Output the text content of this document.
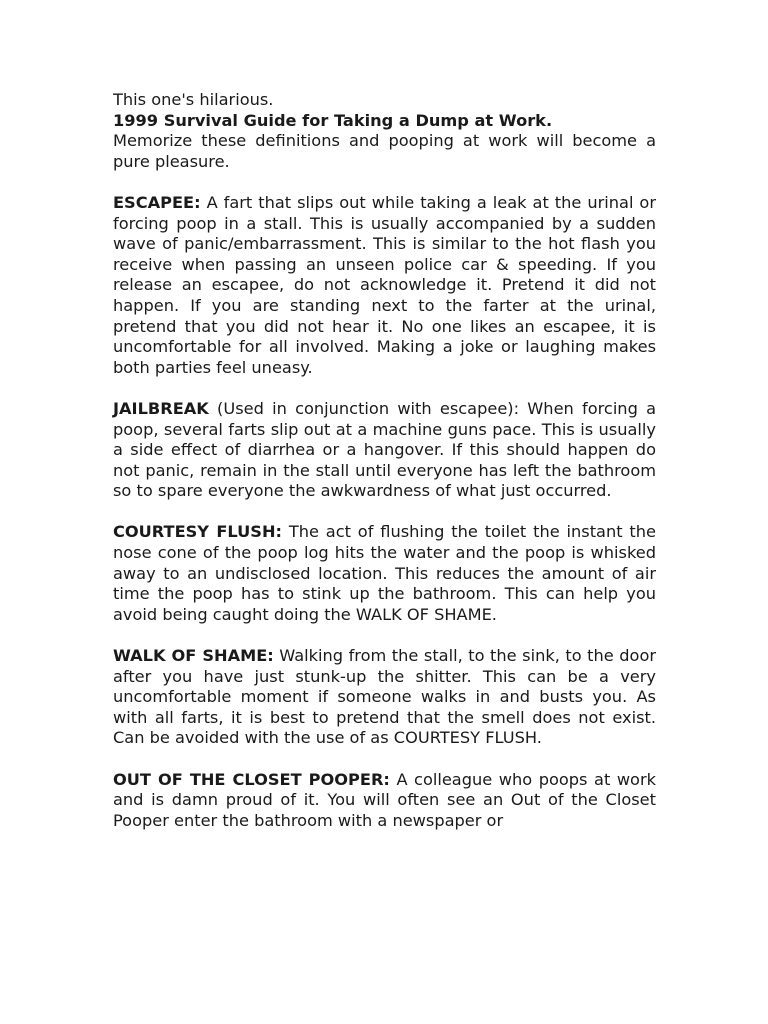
This one's hilarious.

1999 Survival Guide for Taking a Dump at Work.

Memorize these definitions and pooping at work will become a pure pleasure.

ESCAPEE: A fart that slips out while taking a leak at the urinal or forcing poop in a stall. This is usually accompanied by a sudden wave of panic/embarrassment. This is similar to the hot flash you receive when passing an unseen police car & speeding. If you release an escapee, do not acknowledge it. Pretend it did not happen. If you are standing next to the farter at the urinal, pretend that you did not hear it. No one likes an escapee, it is uncomfortable for all involved. Making a joke or laughing makes both parties feel uneasy.

JAILBREAK (Used in conjunction with escapee): When forcing a poop, several farts slip out at a machine guns pace. This is usually a side effect of diarrhea or a hangover. If this should happen do not panic, remain in the stall until everyone has left the bathroom so to spare everyone the awkwardness of what just occurred.

COURTESY FLUSH: The act of flushing the toilet the instant the nose cone of the poop log hits the water and the poop is whisked away to an undisclosed location. This reduces the amount of air time the poop has to stink up the bathroom. This can help you avoid being caught doing the WALK OF SHAME.

WALK OF SHAME: Walking from the stall, to the sink, to the door after you have just stunk-up the shitter. This can be a very uncomfortable moment if someone walks in and busts you. As with all farts, it is best to pretend that the smell does not exist. Can be avoided with the use of as COURTESY FLUSH.

OUT OF THE CLOSET POOPER: A colleague who poops at work and is damn proud of it. You will often see an Out of the Closet Pooper enter the bathroom with a newspaper or
